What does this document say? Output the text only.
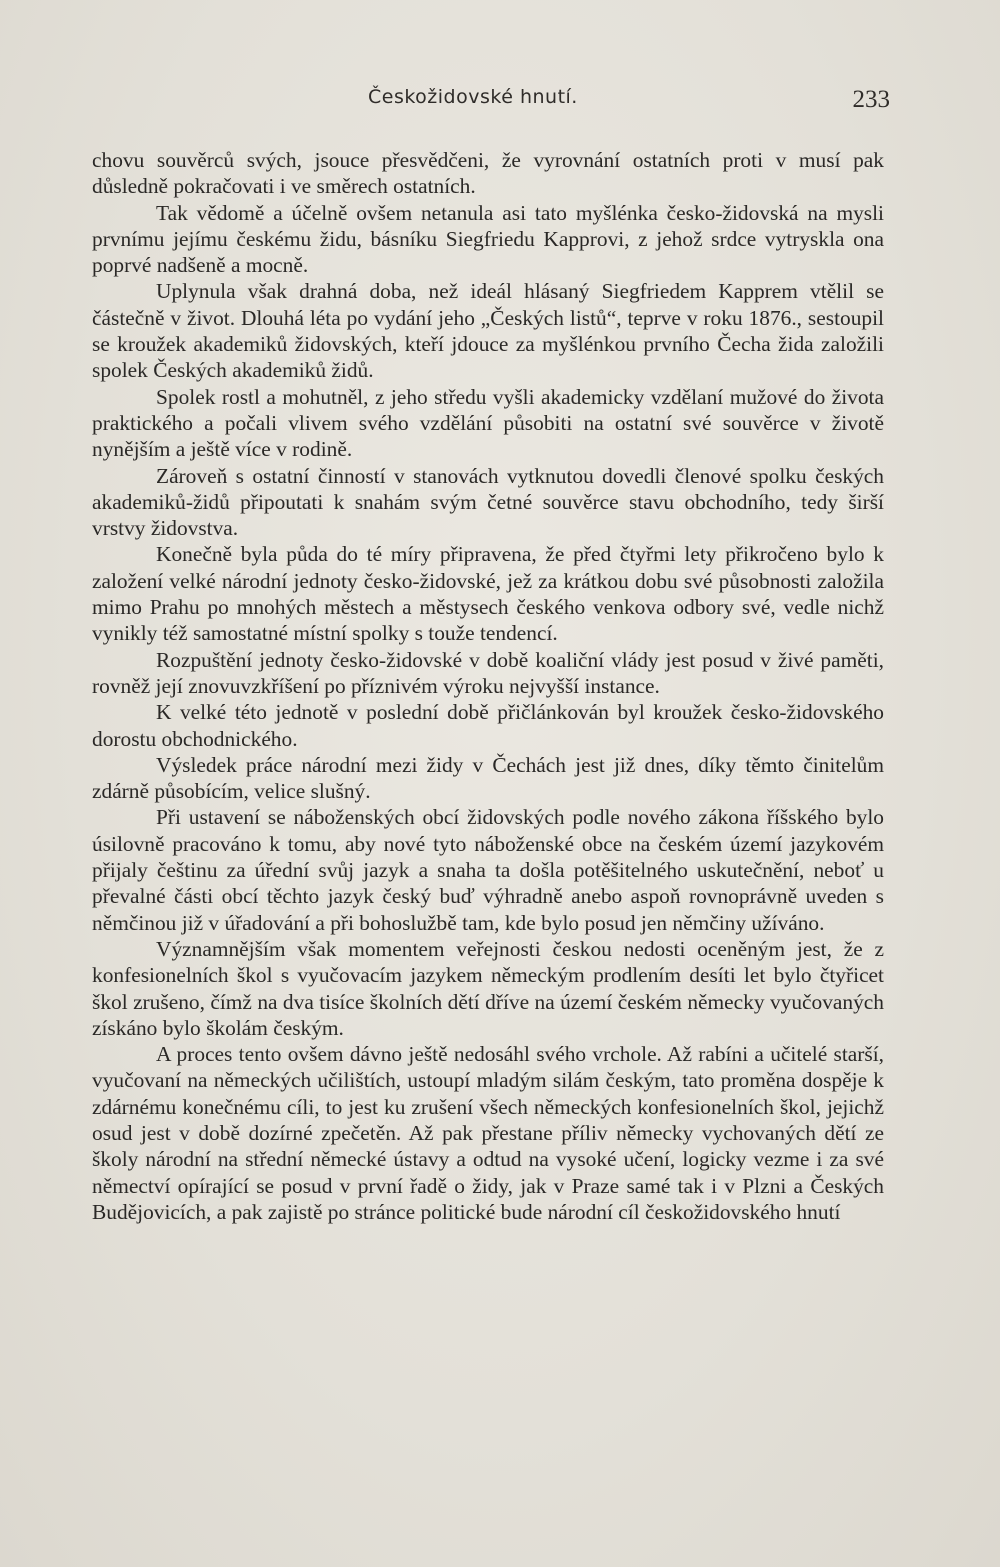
Českožidovské hnutí.	233

chovu souvěrců svých, jsouce přesvědčeni, že vyrovnání ostatních proti v musí pak důsledně pokračovati i ve směrech ostatních.

Tak vědomě a účelně ovšem netanula asi tato myšlénka česko-židovská na mysli prvnímu jejímu českému židu, básníku Siegfriedu Kapprovi, z jehož srdce vytryskla ona poprvé nadšeně a mocně.

Uplynula však drahná doba, než ideál hlásaný Siegfriedem Kapprem vtělil se částečně v život. Dlouhá léta po vydání jeho „Českých listů“, teprve v roku 1876., sestoupil se kroužek akademiků židovských, kteří jdouce za myšlénkou prvního Čecha žida založili spolek Českých akademiků židů.

Spolek rostl a mohutněl, z jeho středu vyšli akademicky vzdělaní mužové do života praktického a počali vlivem svého vzdělání působiti na ostatní své souvěrce v životě nynějším a ještě více v rodině.

Zároveň s ostatní činností v stanovách vytknutou dovedli členové spolku českých akademiků-židů připoutati k snahám svým četné souvěrce stavu obchodního, tedy širší vrstvy židovstva.

Konečně byla půda do té míry připravena, že před čtyřmi lety přikročeno bylo k založení velké národní jednoty česko-židovské, jež za krátkou dobu své působnosti založila mimo Prahu po mnohých městech a městysech českého venkova odbory své, vedle nichž vynikly též samostatné místní spolky s touže tendencí.

Rozpuštění jednoty česko-židovské v době koaliční vlády jest posud v živé paměti, rovněž její znovuvzkříšení po příznivém výroku nejvyšší instance.

K velké této jednotě v poslední době přičlánkován byl kroužek česko-židovského dorostu obchodnického.

Výsledek práce národní mezi židy v Čechách jest již dnes, díky těmto činitelům zdárně působícím, velice slušný.

Při ustavení se náboženských obcí židovských podle nového zákona říšského bylo úsilovně pracováno k tomu, aby nové tyto náboženské obce na českém území jazykovém přijaly češtinu za úřední svůj jazyk a snaha ta došla potěšitelného uskutečnění, neboť u převalné části obcí těchto jazyk český buď výhradně anebo aspoň rovnoprávně uveden s němčinou již v úřadování a při bohoslužbě tam, kde bylo posud jen němčiny užíváno.

Významnějším však momentem veřejnosti českou nedosti oceněným jest, že z konfesionelních škol s vyučovacím jazykem německým prodlením desíti let bylo čtyřicet škol zrušeno, čímž na dva tisíce školních dětí dříve na území českém německy vyučovaných získáno bylo školám českým.

A proces tento ovšem dávno ještě nedosáhl svého vrchole. Až rabíni a učitelé starší, vyučovaní na německých učilištích, ustoupí mladým silám českým, tato proměna dospěje k zdárnému konečnému cíli, to jest ku zrušení všech německých konfesionelních škol, jejichž osud jest v době dozírné zpečetěn. Až pak přestane příliv německy vychovaných dětí ze školy národní na střední německé ústavy a odtud na vysoké učení, logicky vezme i za své němectví opírající se posud v první řadě o židy, jak v Praze samé tak i v Plzni a Českých Budějovicích, a pak zajistě po stránce politické bude národní cíl českožidovského hnutí
